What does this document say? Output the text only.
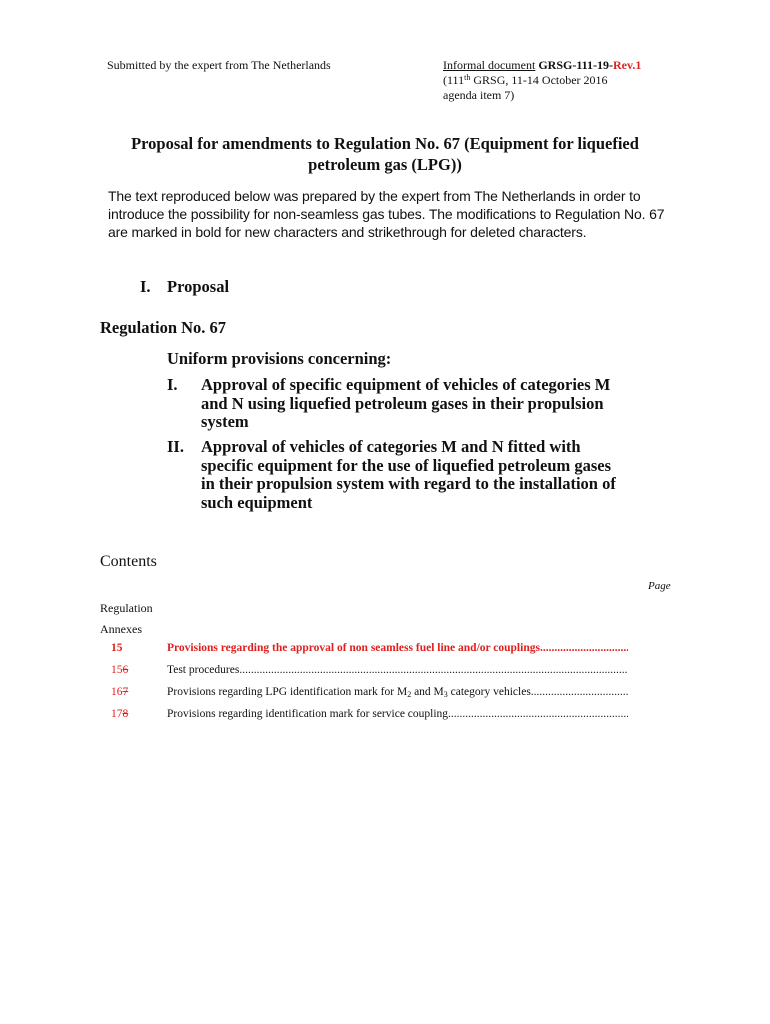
Submitted by the expert from The Netherlands	Informal document GRSG-111-19-Rev.1
(111th GRSG, 11-14 October 2016
agenda item 7)
Proposal for amendments to Regulation No. 67 (Equipment for liquefied petroleum gas (LPG))

The text reproduced below was prepared by the expert from The Netherlands in order to introduce the possibility for non-seamless gas tubes. The modifications to Regulation No. 67 are marked in bold for new characters and strikethrough for deleted characters.

I. Proposal
Regulation No. 67
Uniform provisions concerning:
I. Approval of specific equipment of vehicles of categories M and N using liquefied petroleum gases in their propulsion system
II. Approval of vehicles of categories M and N fitted with specific equipment for the use of liquefied petroleum gases in their propulsion system with regard to the installation of such equipment
Contents
Page
Regulation
Annexes
15	Provisions regarding the approval of non seamless fuel line and/or couplings
.....
156	Test procedures
.....
167	Provisions regarding LPG identification mark for $M_2$ and $M_3$ category vehicles
.....
178	Provisions regarding identification mark for service coupling
.....
